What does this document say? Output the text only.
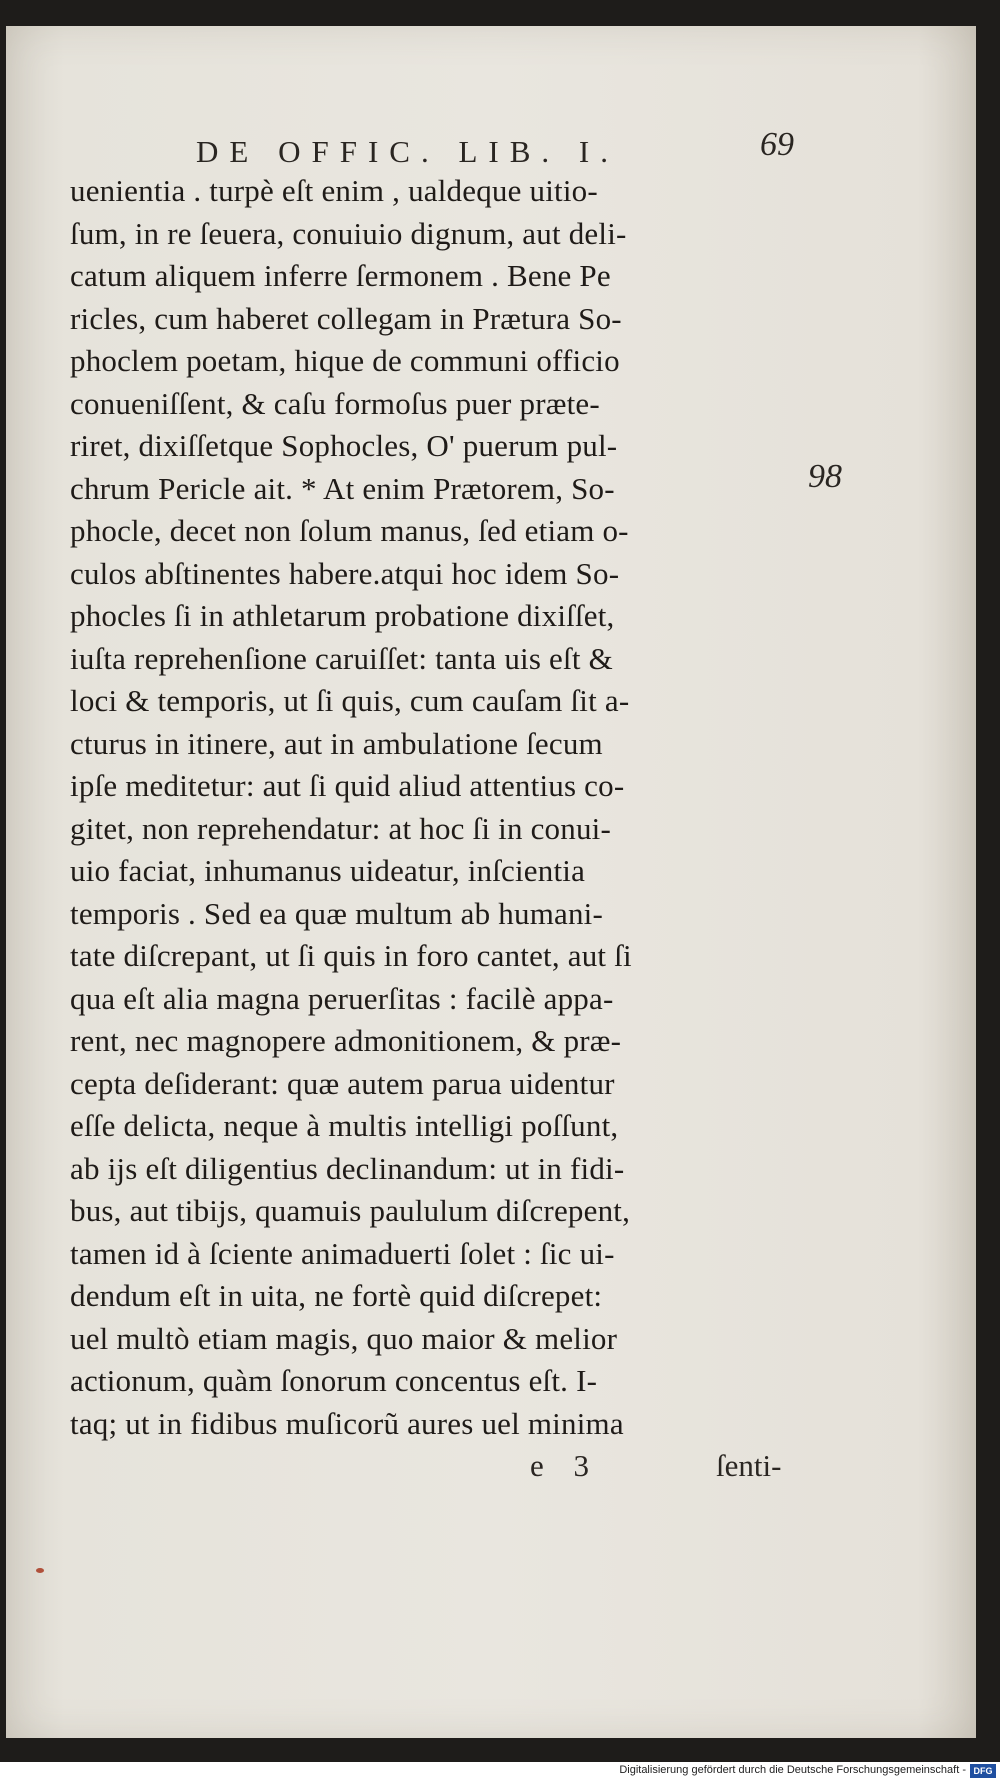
DE OFFIC. LIB. I.	69
uenientia . turpè eſt enim , ualdeque uitio-
ſum, in re ſeuera, conuiuio dignum, aut deli-
catum aliquem inferre ſermonem . Bene Pe
ricles, cum haberet collegam in Prætura So-
phoclem poetam, hique de communi officio
conueniſſent, & caſu formoſus puer præte-
riret, dixiſſetque Sophocles, O' puerum pul-
chrum Pericle ait. * At enim Prætorem, So-
phocle, decet non ſolum manus, ſed etiam o-
culos abſtinentes habere.atqui hoc idem So-
phocles ſi in athletarum probatione dixiſſet,
iuſta reprehenſione caruiſſet: tanta uis eſt &
loci & temporis, ut ſi quis, cum cauſam ſit a-
cturus in itinere, aut in ambulatione ſecum
ipſe meditetur: aut ſi quid aliud attentius co-
gitet, non reprehendatur: at hoc ſi in conui-
uio faciat, inhumanus uideatur, inſcientia
temporis . Sed ea quæ multum ab humani-
tate diſcrepant, ut ſi quis in foro cantet, aut ſi
qua eſt alia magna peruerſitas : facilè appa-
rent, nec magnopere admonitionem, & præ-
cepta deſiderant: quæ autem parua uidentur
eſſe delicta, neque à multis intelligi poſſunt,
ab ijs eſt diligentius declinandum: ut in fidi-
bus, aut tibijs, quamuis paululum diſcrepent,
tamen id à ſciente animaduerti ſolet : ſic ui-
dendum eſt in uita, ne fortè quid diſcrepet:
uel multò etiam magis, quo maior & melior
actionum, quàm ſonorum concentus eſt. I-
taq; ut in fidibus muſicorũ aures uel minima
98
e 3	ſenti-
Digitalisierung gefördert durch die Deutsche Forschungsgemeinschaft - DFG
